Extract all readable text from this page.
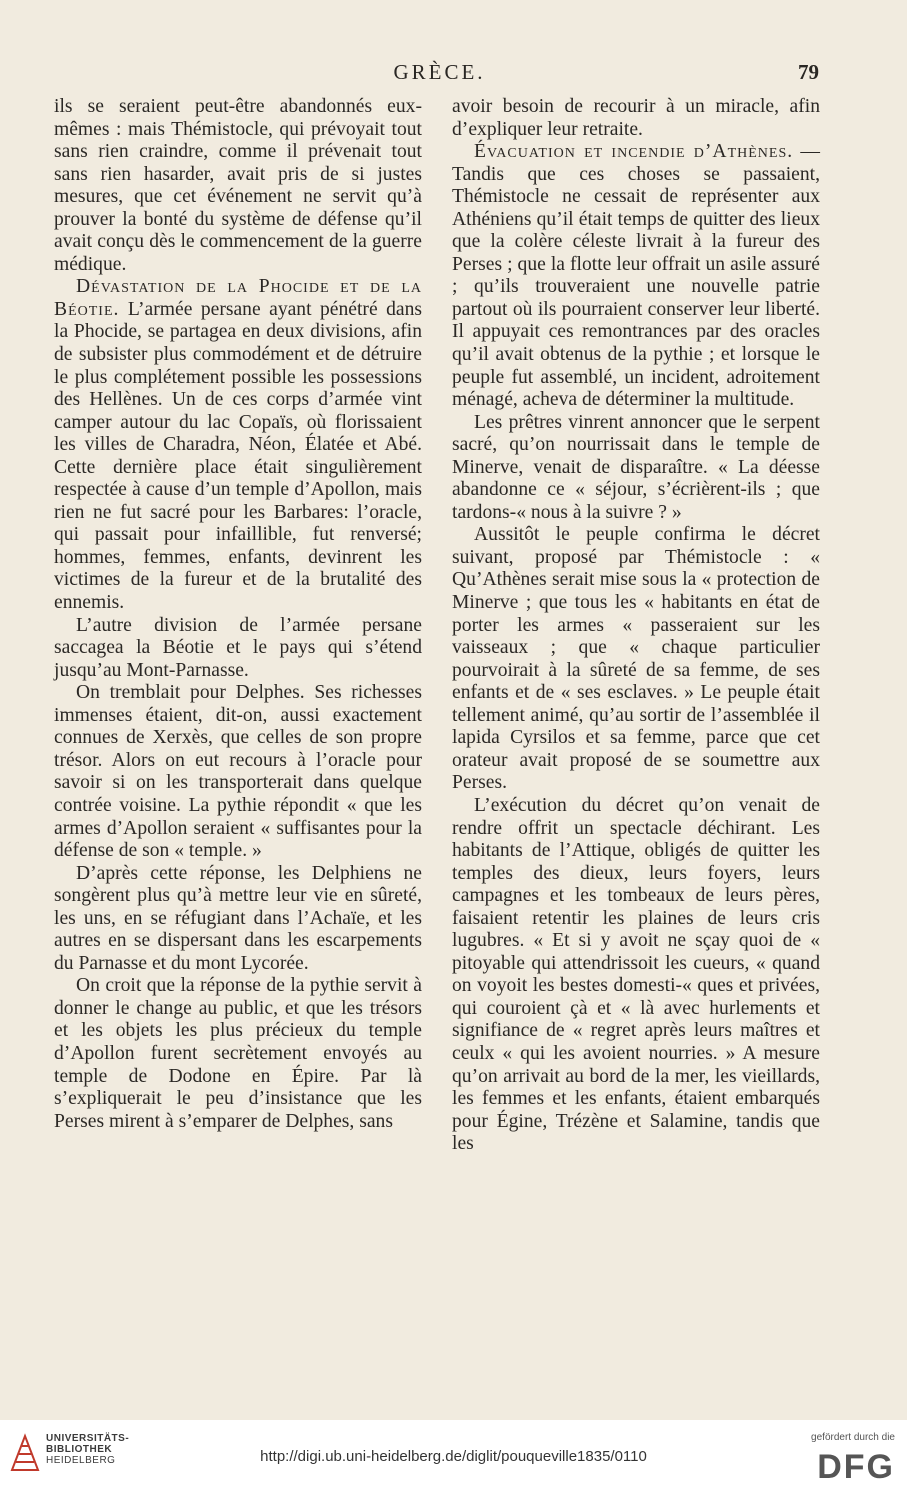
GRÈCE.	79

ils se seraient peut-être abandonnés eux-mêmes : mais Thémistocle, qui prévoyait tout sans rien craindre, comme il prévenait tout sans rien hasarder, avait pris de si justes mesures, que cet événement ne servit qu’à prouver la bonté du système de défense qu’il avait conçu dès le commencement de la guerre médique.

Dévastation de la Phocide et de la Béotie. L’armée persane ayant pénétré dans la Phocide, se partagea en deux divisions, afin de subsister plus commodément et de détruire le plus complétement possible les possessions des Hellènes. Un de ces corps d’armée vint camper autour du lac Copaïs, où florissaient les villes de Charadra, Néon, Élatée et Abé. Cette dernière place était singulièrement respectée à cause d’un temple d’Apollon, mais rien ne fut sacré pour les Barbares: l’oracle, qui passait pour infaillible, fut renversé; hommes, femmes, enfants, devinrent les victimes de la fureur et de la brutalité des ennemis.

L’autre division de l’armée persane saccagea la Béotie et le pays qui s’étend jusqu’au Mont-Parnasse.

On tremblait pour Delphes. Ses richesses immenses étaient, dit-on, aussi exactement connues de Xerxès, que celles de son propre trésor. Alors on eut recours à l’oracle pour savoir si on les transporterait dans quelque contrée voisine. La pythie répondit « que les armes d’Apollon seraient « suffisantes pour la défense de son « temple. »

D’après cette réponse, les Delphiens ne songèrent plus qu’à mettre leur vie en sûreté, les uns, en se réfugiant dans l’Achaïe, et les autres en se dispersant dans les escarpements du Parnasse et du mont Lycorée.

On croit que la réponse de la pythie servit à donner le change au public, et que les trésors et les objets les plus précieux du temple d’Apollon furent secrètement envoyés au temple de Dodone en Épire. Par là s’expliquerait le peu d’insistance que les Perses mirent à s’emparer de Delphes, sans

avoir besoin de recourir à un miracle, afin d’expliquer leur retraite.

Évacuation et incendie d’Athènes. — Tandis que ces choses se passaient, Thémistocle ne cessait de représenter aux Athéniens qu’il était temps de quitter des lieux que la colère céleste livrait à la fureur des Perses ; que la flotte leur offrait un asile assuré ; qu’ils trouveraient une nouvelle patrie partout où ils pourraient conserver leur liberté. Il appuyait ces remontrances par des oracles qu’il avait obtenus de la pythie ; et lorsque le peuple fut assemblé, un incident, adroitement ménagé, acheva de déterminer la multitude.

Les prêtres vinrent annoncer que le serpent sacré, qu’on nourrissait dans le temple de Minerve, venait de disparaître. « La déesse abandonne ce « séjour, s’écrièrent-ils ; que tardons-« nous à la suivre ? »

Aussitôt le peuple confirma le décret suivant, proposé par Thémistocle : « Qu’Athènes serait mise sous la « protection de Minerve ; que tous les « habitants en état de porter les armes « passeraient sur les vaisseaux ; que « chaque particulier pourvoirait à la sûreté de sa femme, de ses enfants et de « ses esclaves. » Le peuple était tellement animé, qu’au sortir de l’assemblée il lapida Cyrsilos et sa femme, parce que cet orateur avait proposé de se soumettre aux Perses.

L’exécution du décret qu’on venait de rendre offrit un spectacle déchirant. Les habitants de l’Attique, obligés de quitter les temples des dieux, leurs foyers, leurs campagnes et les tombeaux de leurs pères, faisaient retentir les plaines de leurs cris lugubres. « Et si y avoit ne sçay quoi de « pitoyable qui attendrissoit les cueurs, « quand on voyoit les bestes domesti-« ques et privées, qui couroient çà et « là avec hurlements et signifiance de « regret après leurs maîtres et ceulx « qui les avoient nourries. » A mesure qu’on arrivait au bord de la mer, les vieillards, les femmes et les enfants, étaient embarqués pour Égine, Trézène et Salamine, tandis que les

UNIVERSITÄTS-
BIBLIOTHEK
HEIDELBERG	http://digi.ub.uni-heidelberg.de/diglit/pouqueville1835/0110
gefördert durch die
DFG
